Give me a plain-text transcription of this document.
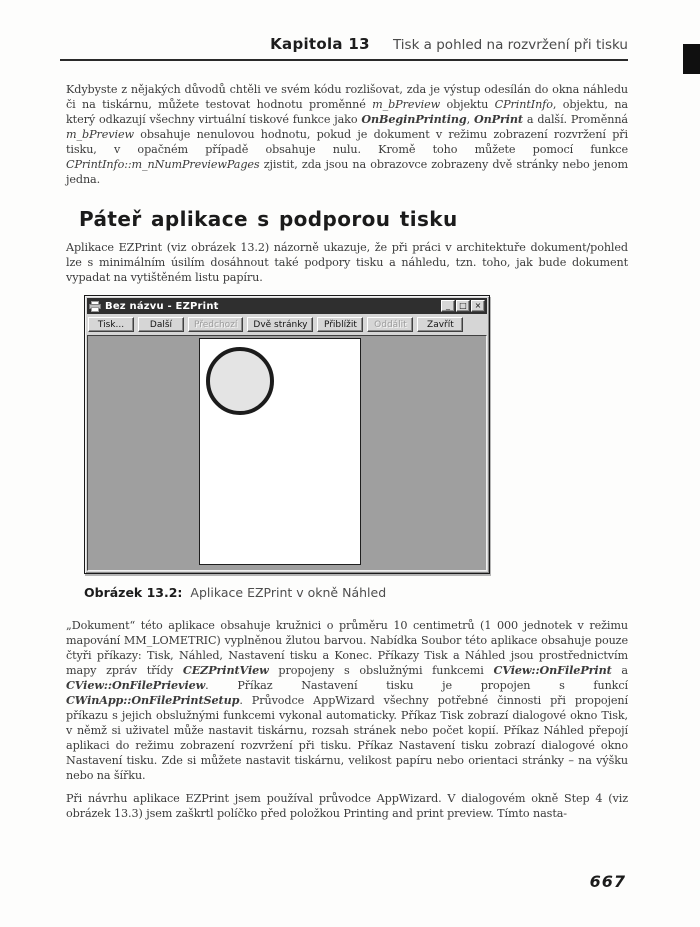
Kapitola 13 Tisk a pohled na rozvržení při tisku

Kdybyste z nějakých důvodů chtěli ve svém kódu rozlišovat, zda je výstup odesílán do okna náhledu či na tiskárnu, můžete testovat hodnotu proměnné m_bPreview objektu CPrintInfo, objektu, na který odkazují všechny virtuální tiskové funkce jako OnBeginPrinting, OnPrint a další. Proměnná m_bPreview obsahuje nenulovou hodnotu, pokud je dokument v režimu zobrazení rozvržení při tisku, v opačném případě obsahuje nulu. Kromě toho můžete pomocí funkce CPrintInfo::m_nNumPreviewPages zjistit, zda jsou na obrazovce zobrazeny dvě stránky nebo jenom jedna.

Páteř aplikace s podporou tisku

Aplikace EZPrint (viz obrázek 13.2) názorně ukazuje, že při práci v architektuře dokument/pohled lze s minimálním úsilím dosáhnout také podpory tisku a náhledu, tzn. toho, jak bude dokument vypadat na vytištěném listu papíru.

Bez názvu - EZPrint	_	□ ×
Tisk...	Další	Předchozí	Dvě stránky	Přiblížit	Oddálit	Zavřít

Obrázek 13.2: Aplikace EZPrint v okně Náhled

„Dokument“ této aplikace obsahuje kružnici o průměru 10 centimetrů (1 000 jednotek v režimu mapování MM_LOMETRIC) vyplněnou žlutou barvou. Nabídka Soubor této aplikace obsahuje pouze čtyři příkazy: Tisk, Náhled, Nastavení tisku a Konec. Příkazy Tisk a Náhled jsou prostřednictvím mapy zpráv třídy CEZPrintView propojeny s obslužnými funkcemi CView::OnFilePrint a CView::OnFilePrieview. Příkaz Nastavení tisku je propojen s funkcí CWinApp::OnFilePrintSetup. Průvodce AppWizard všechny potřebné činnosti při propojení příkazu s jejich obslužnými funkcemi vykonal automaticky. Příkaz Tisk zobrazí dialogové okno Tisk, v němž si uživatel může nastavit tiskárnu, rozsah stránek nebo počet kopií. Příkaz Náhled přepojí aplikaci do režimu zobrazení rozvržení při tisku. Příkaz Nastavení tisku zobrazí dialogové okno Nastavení tisku. Zde si můžete nastavit tiskárnu, velikost papíru nebo orientaci stránky – na výšku nebo na šířku.

Při návrhu aplikace EZPrint jsem používal průvodce AppWizard. V dialogovém okně Step 4 (viz obrázek 13.3) jsem zaškrtl políčko před položkou Printing and print preview. Tímto nasta-

667
